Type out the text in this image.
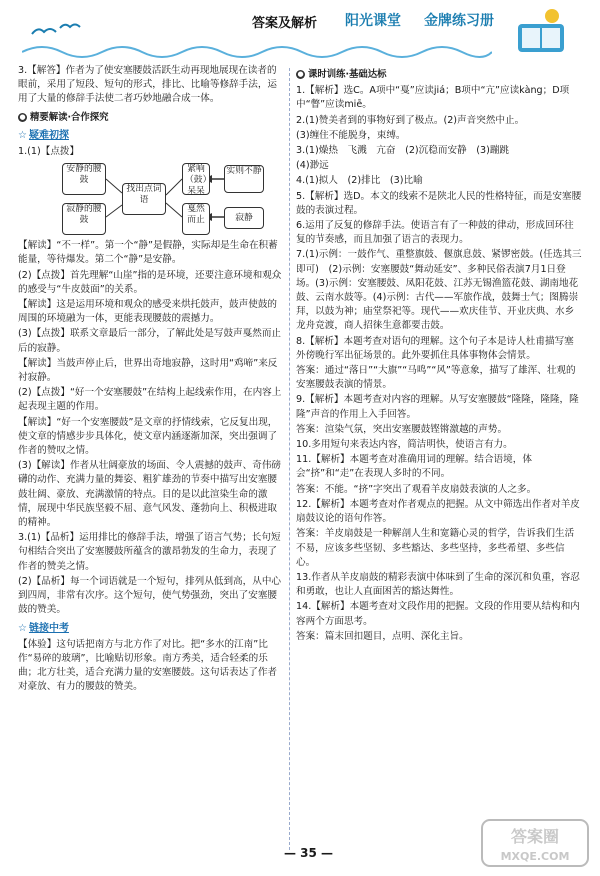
答案及解析 阳光课堂 金牌练习册

3.【解答】作者为了使安塞腰鼓活跃生动再现地展现在读者的眼前，采用了短段、短句的形式，排比、比喻等修辞手法，运用了大量的修辞手法使二者巧妙地融合成一体。

● 精要解读·合作探究
☆ 疑难初探

1.(1)【点拨】

安静的腰鼓
寂静的腰鼓
找出点词语
紧响（鼓）呆呆
实则不静
戛然而止	寂静

【解读】“不一样”。第一个“静”是假静，实际却是生命在积蓄能量，等待爆发。第二个“静”是安静。

(2)【点拨】首先理解“山崖”指的是环境，还要注意环境和观众的感受与“牛皮鼓面”的关系。

【解读】这是运用环境和观众的感受来烘托鼓声，鼓声使鼓的周围的环境融为一体，更能表现腰鼓的震撼力。

(3)【点拨】联系文章最后一部分，了解此处是写鼓声戛然而止后的寂静。

【解读】当鼓声停止后，世界出奇地寂静，这时用“鸡啼”来反衬寂静。

(2)【点拨】“好一个安塞腰鼓”在结构上起线索作用，在内容上起表现主题的作用。

【解读】“好一个安塞腰鼓”是文章的抒情线索，它反复出现，使文章的情感步步具体化，使文章内涵逐渐加深，突出强调了作者的赞叹之情。

(3)【解读】作者从壮阔豪放的场面、令人震撼的鼓声、奇伟磅礴的动作、充满力量的舞姿、粗犷雄劲的节奏中描写出安塞腰鼓壮阔、豪放、充满激情的特点。目的是以此渲染生命的激情，展现中华民族坚毅不屈、意气风发、蓬勃向上、积极进取的精神。

3.(1)【品析】运用排比的修辞手法，增强了语言气势；长句短句相结合突出了安塞腰鼓所蕴含的激昂勃发的生命力，表现了作者的赞美之情。

(2)【品析】每一个词语就是一个短句，排列从低到高，从中心到四周，非常有次序。这个短句，使气势强劲，突出了安塞腰鼓的赞美。

☆ 链接中考

【体验】这句话把南方与北方作了对比。把“多水的江南”比作“易碎的玻璃”，比喻贴切形象。南方秀美，适合轻柔的乐曲；北方壮美，适合充满力量的安塞腰鼓。这句话表达了作者对豪放、有力的腰鼓的赞美。

● 课时训练·基础达标

1.【解析】选C。A项中“戛”应读jiá；B项中“亢”应读kàng；D项中“瞥”应读miē。

2.(1)赞美者到的事物好到了极点。(2)声音突然中止。

(3)缠住不能脱身，束缚。

3.(1)燥热　飞溅　亢奋　(2)沉稳而安静　(3)蹦跳

(4)渺远

4.(1)拟人　(2)排比　(3)比喻

5.【解析】选D。本文的线索不是陕北人民的性格特征，而是安塞腰鼓的表演过程。

6.运用了反复的修辞手法。使语言有了一种鼓的律动，形成回环往复的节奏感，而且加强了语言的表现力。

7.(1)示例：一鼓作气、重整旗鼓、偃旗息鼓、紧锣密鼓。(任选其三即可)　(2)示例：安塞腰鼓“舞动延安”、多种民俗表演7月1日登场。(3)示例：安塞腰鼓、凤阳花鼓、江苏无锡渔篮花鼓、湖南地花鼓、云南水鼓等。(4)示例：古代——军旅作战，鼓舞士气；图腾崇拜，以鼓为神；庙堂祭祀等。现代——欢庆佳节、开业庆典、水乡龙舟竞渡，商人招徕生意都要击鼓。

8.【解析】本题考查对语句的理解。这个句子本是诗人杜甫描写塞外傍晚行军出征场景的。此外要抓住具体事物体会情景。

答案：通过“落日”“大旗”“马鸣”“风”等意象，描写了雄浑、壮观的安塞腰鼓表演的情景。

9.【解析】本题考查对内容的理解。从写安塞腰鼓“隆隆，隆隆，隆隆”声音的作用上入手回答。

答案：渲染气氛，突出安塞腰鼓铿锵激越的声势。

10.多用短句来表达内容，简洁明快，使语言有力。

11.【解析】本题考查对准确用词的理解。结合语境，体会“挤”和“走”在表现人多时的不同。

答案：不能。“挤”字突出了观看羊皮扇鼓表演的人之多。

12.【解析】本题考查对作者观点的把握。从文中筛选出作者对羊皮扇鼓议论的语句作答。

答案：羊皮扇鼓是一种解剖人生和宽籍心灵的哲学，告诉我们生活不易，应该多些坚韧、多些豁达、多些坚持，多些希望、多些信心。

13.作者从羊皮扇鼓的精彩表演中体味到了生命的深沉和负重，容忍和勇敢，也让人直面困苦的豁达舞性。

14.【解析】本题考查对文段作用的把握。文段的作用要从结构和内容两个方面思考。

答案：篇末回扣题目，点明、深化主旨。

— 35 —
答案圈
MXQE.COM
